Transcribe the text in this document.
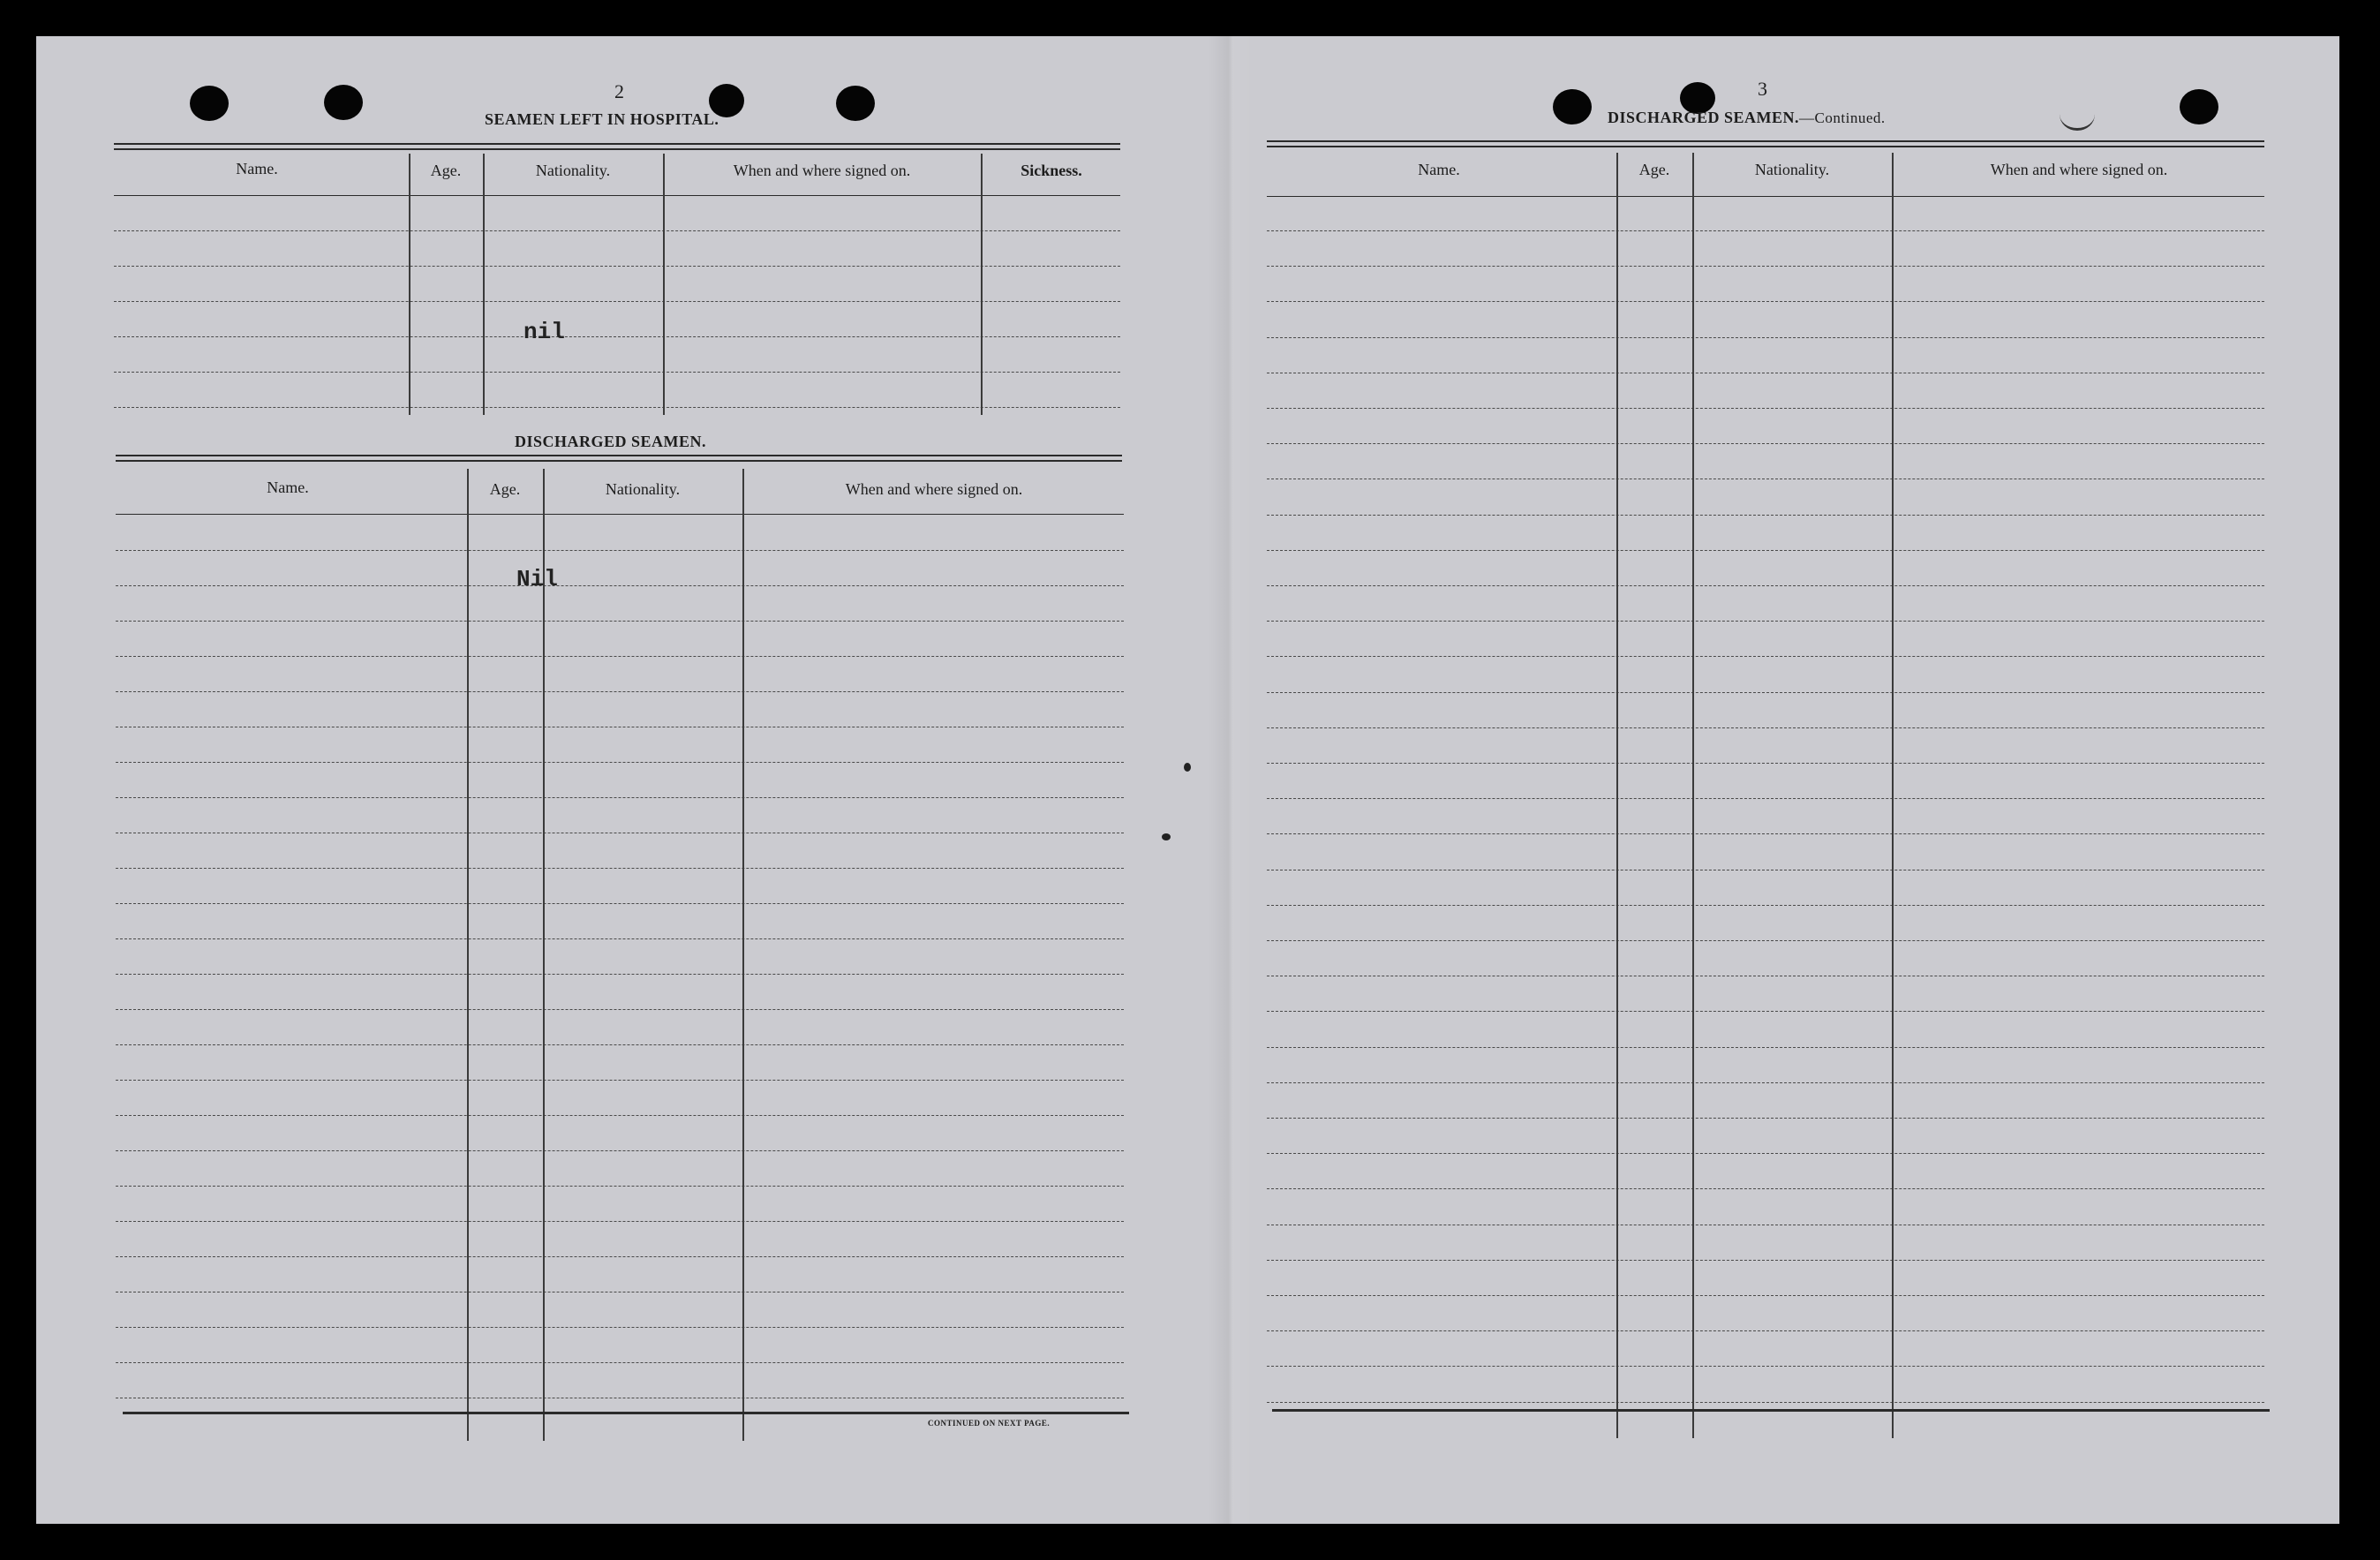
2
SEAMEN LEFT IN HOSPITAL.
Name.	Age.	Nationality.	When and where signed on.	Sickness.
nil
DISCHARGED SEAMEN.
Name.	Age.	Nationality.	When and where signed on.
Nil
CONTINUED ON NEXT PAGE.
3
DISCHARGED SEAMEN.—Continued.
Name.	Age.	Nationality.	When and where signed on.
